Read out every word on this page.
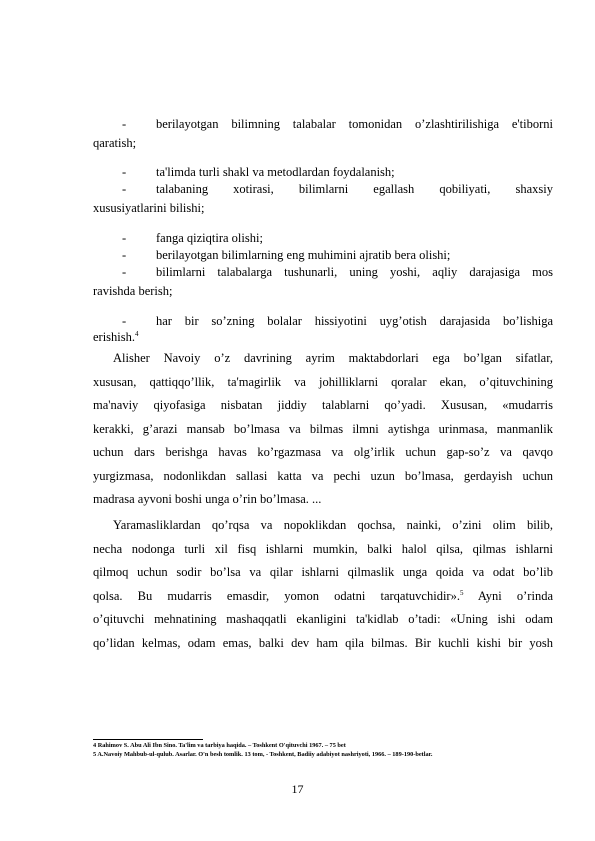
- berilayotgan bilimning talabalar tomonidan o’zlashtirilishiga e'tiborni
qaratish;
- ta'limda turli shakl va metodlardan foydalanish;
- talabaning xotirasi, bilimlarni egallash qobiliyati, shaxsiy
xususiyatlarini bilishi;
- fanga qiziqtira olishi;
- berilayotgan bilimlarning eng muhimini ajratib bera olishi;
- bilimlarni talabalarga tushunarli, uning yoshi, aqliy darajasiga mos
ravishda berish;
- har bir so’zning bolalar hissiyotini uyg’otish darajasida bo’lishiga
erishish.$^4$
Alisher Navoiy o’z davrining ayrim maktabdorlari ega bo’lgan sifatlar,
xususan, qattiqqo’llik, ta'magirlik va johilliklarni qoralar ekan, o’qituvchining
ma'naviy qiyofasiga nisbatan jiddiy talablarni qo’yadi. Xususan, «mudarris
kerakki, g’arazi mansab bo’lmasa va bilmas ilmni aytishga urinmasa, manmanlik
uchun dars berishga havas ko’rgazmasa va olg’irlik uchun gap-so’z va qavqo
yurgizmasa, nodonlikdan sallasi katta va pechi uzun bo’lmasa, gerdayish uchun
madrasa ayvoni boshi unga o’rin bo’lmasa. ...
Yaramasliklardan qo’rqsa va nopoklikdan qochsa, nainki, o’zini olim bilib,
necha nodonga turli xil fisq ishlarni mumkin, balki halol qilsa, qilmas ishlarni
qilmoq uchun sodir bo’lsa va qilar ishlarni qilmaslik unga qoida va odat bo’lib
qolsa. Bu mudarris emasdir, yomon odatni tarqatuvchidir».$^5$ Ayni o’rinda
o’qituvchi mehnatining mashaqqatli ekanligini ta'kidlab o’tadi: «Uning ishi odam
qo’lidan kelmas, odam emas, balki dev ham qila bilmas. Bir kuchli kishi bir yosh
4 Rahimov S. Abu Ali Ibn Sino. Ta'lim va tarbiya haqida. – Toshkent O'qituvchi 1967. – 75 bet
5 A.Navoiy Mahbub-ul-qulub. Asarlar. O'n besh tomlik. 13 tom, - Toshkent, Badiiy adabiyot nashriyoti, 1966. – 189-190-betlar.
17
